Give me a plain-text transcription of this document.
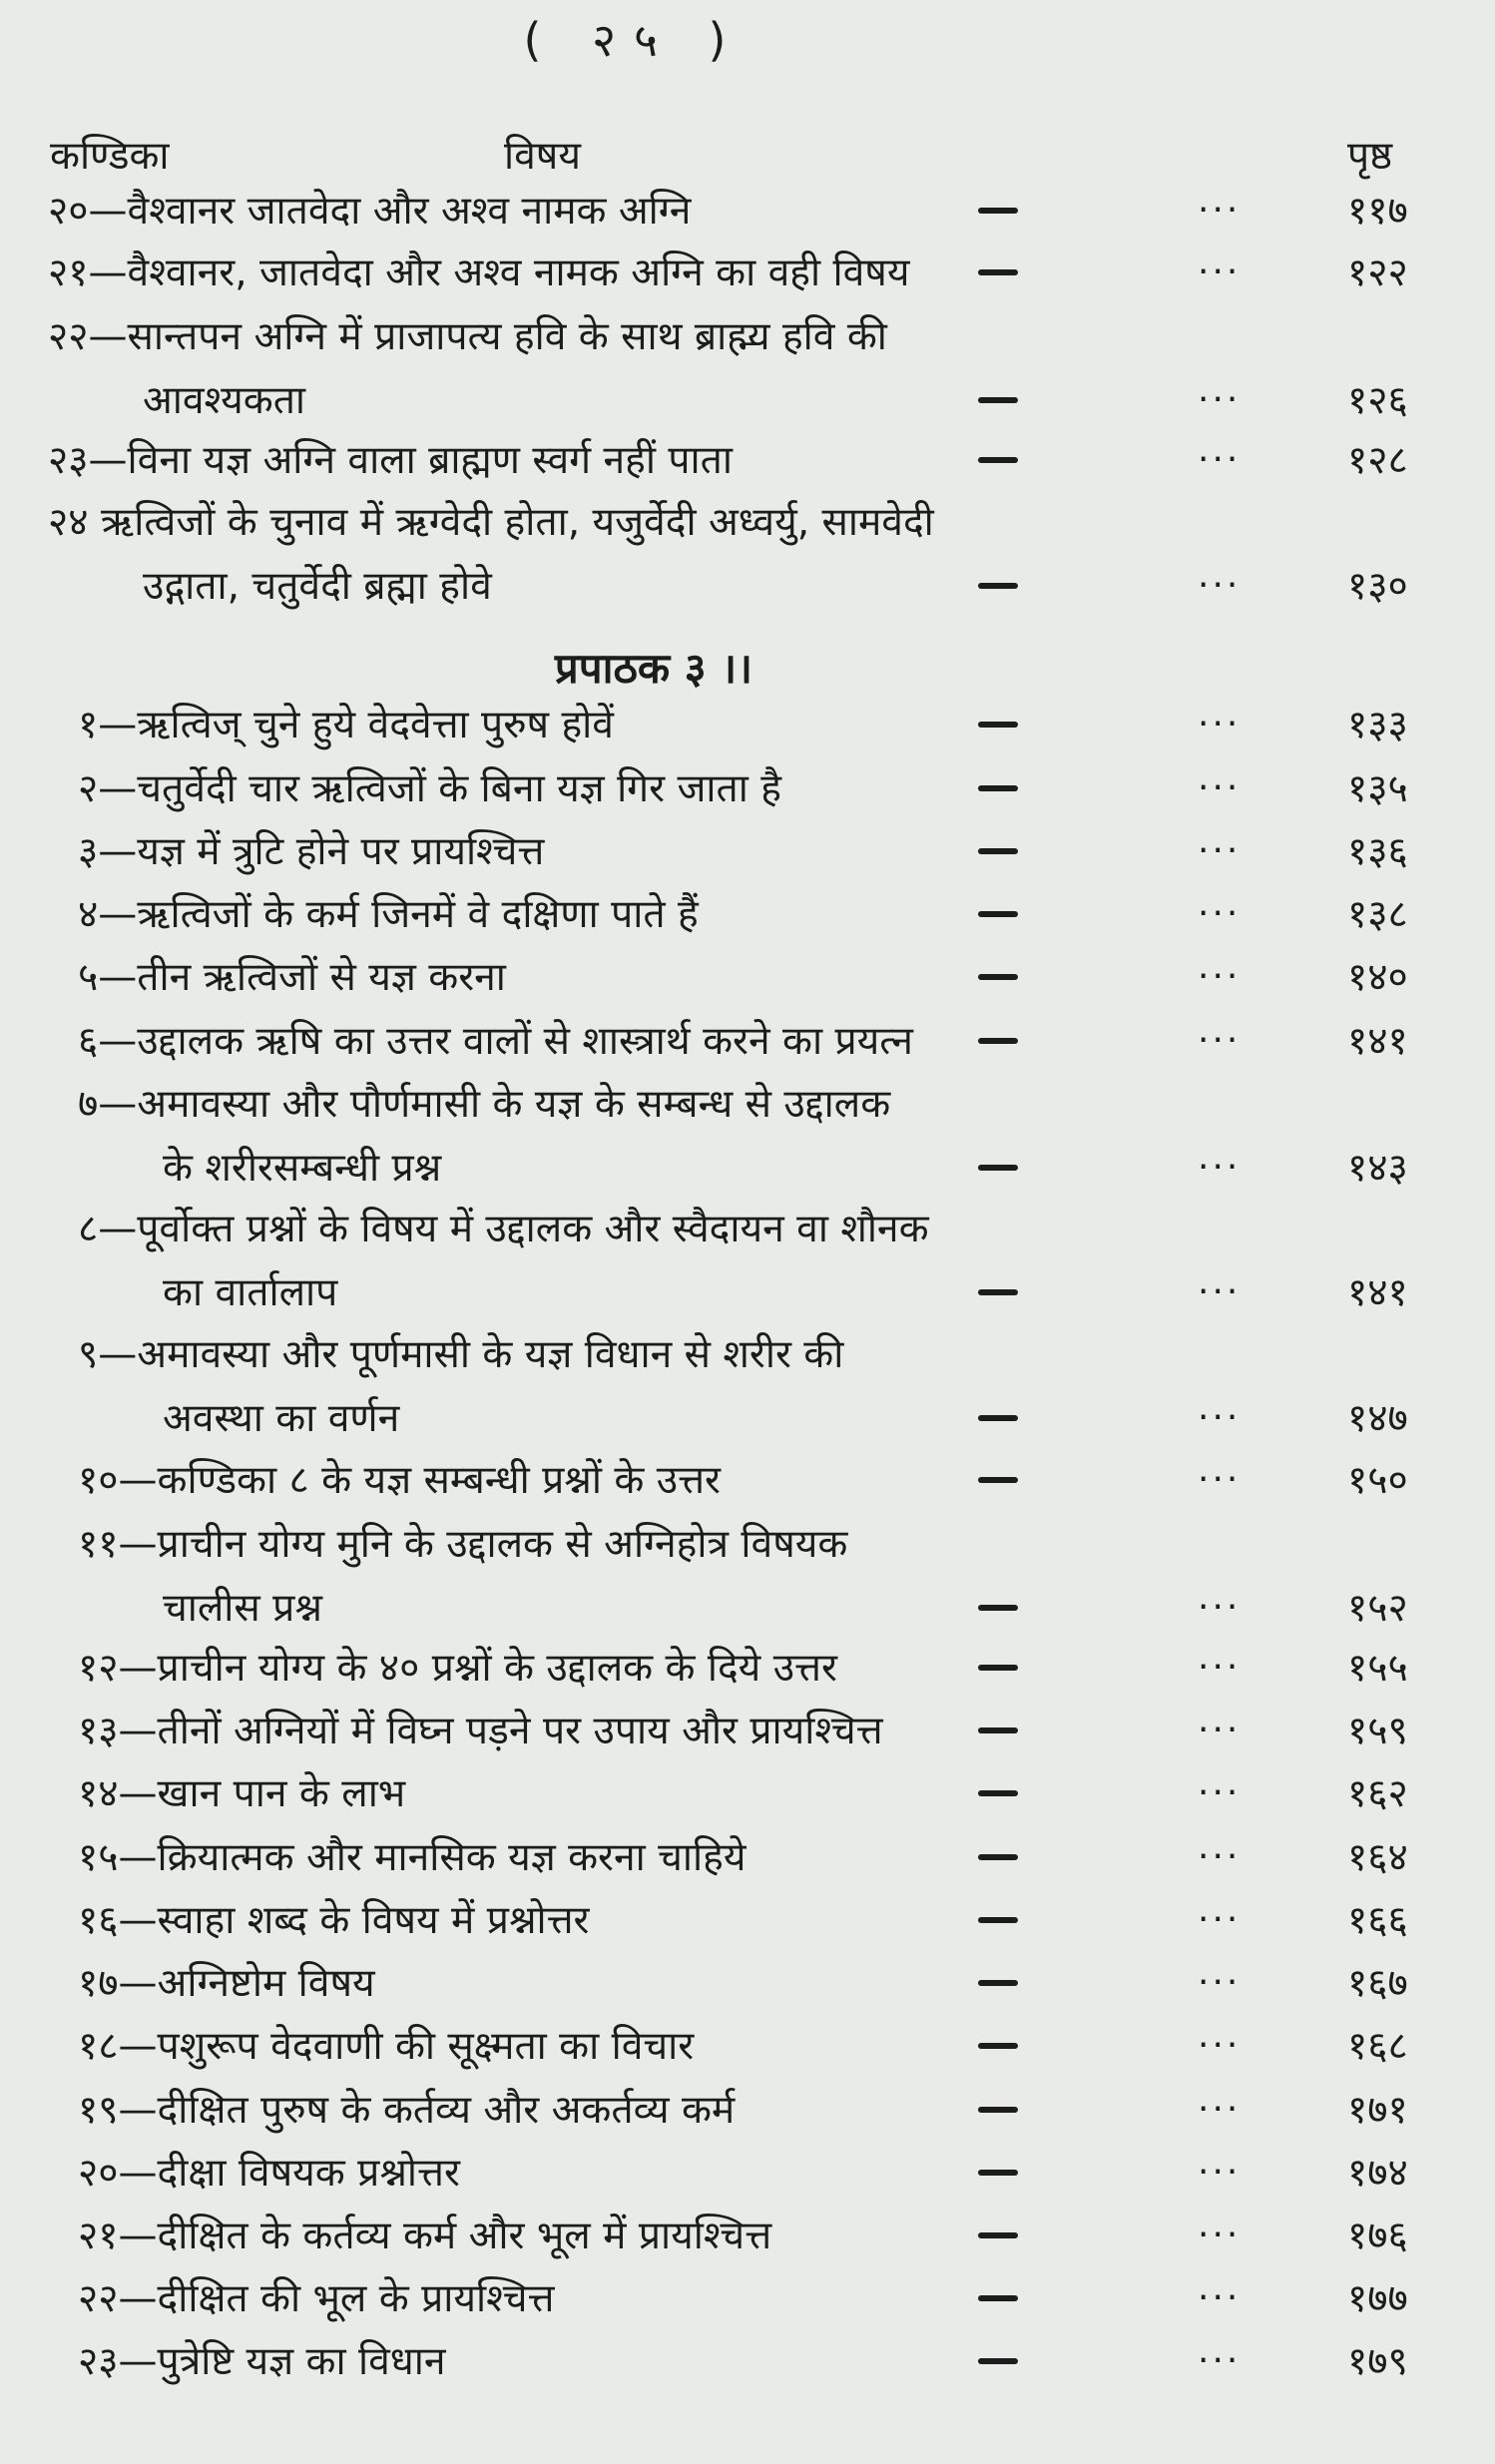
( २५ )
कण्डिका	विषय	पृष्ठ
२०—वैश्वानर जातवेदा और अश्व नामक अग्नि	···	११७
२१—वैश्वानर, जातवेदा और अश्व नामक अग्नि का वही विषय	···	१२२
२२—सान्तपन अग्नि में प्राजापत्य हवि के साथ ब्राह्म्य हवि की
आवश्यकता	···	१२६
२३—विना यज्ञ अग्नि वाला ब्राह्मण स्वर्ग नहीं पाता	···	१२८
२४ ऋत्विजों के चुनाव में ऋग्वेदी होता, यजुर्वेदी अध्वर्यु, सामवेदी
उद्गाता, चतुर्वेदी ब्रह्मा होवे	···	१३०
प्रपाठक ३ ।।
१—ऋत्विज् चुने हुये वेदवेत्ता पुरुष होवें	···	१३३
२—चतुर्वेदी चार ऋत्विजों के बिना यज्ञ गिर जाता है	···	१३५
३—यज्ञ में त्रुटि होने पर प्रायश्चित्त	···	१३६
४—ऋत्विजों के कर्म जिनमें वे दक्षिणा पाते हैं	···	१३८
५—तीन ऋत्विजों से यज्ञ करना	···	१४०
६—उद्दालक ऋषि का उत्तर वालों से शास्त्रार्थ करने का प्रयत्न	···	१४१
७—अमावस्या और पौर्णमासी के यज्ञ के सम्बन्ध से उद्दालक
के शरीरसम्बन्धी प्रश्न	···	१४३
८—पूर्वोक्त प्रश्नों के विषय में उद्दालक और स्वैदायन वा शौनक
का वार्तालाप	···	१४१
९—अमावस्या और पूर्णमासी के यज्ञ विधान से शरीर की
अवस्था का वर्णन	···	१४७
१०—कण्डिका ८ के यज्ञ सम्बन्धी प्रश्नों के उत्तर	···	१५०
११—प्राचीन योग्य मुनि के उद्दालक से अग्निहोत्र विषयक
चालीस प्रश्न	···	१५२
१२—प्राचीन योग्य के ४० प्रश्नों के उद्दालक के दिये उत्तर	···	१५५
१३—तीनों अग्नियों में विघ्न पड़ने पर उपाय और प्रायश्चित्त	···	१५९
१४—खान पान के लाभ	···	१६२
१५—क्रियात्मक और मानसिक यज्ञ करना चाहिये	···	१६४
१६—स्वाहा शब्द के विषय में प्रश्नोत्तर	···	१६६
१७—अग्निष्टोम विषय	···	१६७
१८—पशुरूप वेदवाणी की सूक्ष्मता का विचार	···	१६८
१९—दीक्षित पुरुष के कर्तव्य और अकर्तव्य कर्म	···	१७१
२०—दीक्षा विषयक प्रश्नोत्तर	···	१७४
२१—दीक्षित के कर्तव्य कर्म और भूल में प्रायश्चित्त	···	१७६
२२—दीक्षित की भूल के प्रायश्चित्त	···	१७७
२३—पुत्रेष्टि यज्ञ का विधान	···	१७९
